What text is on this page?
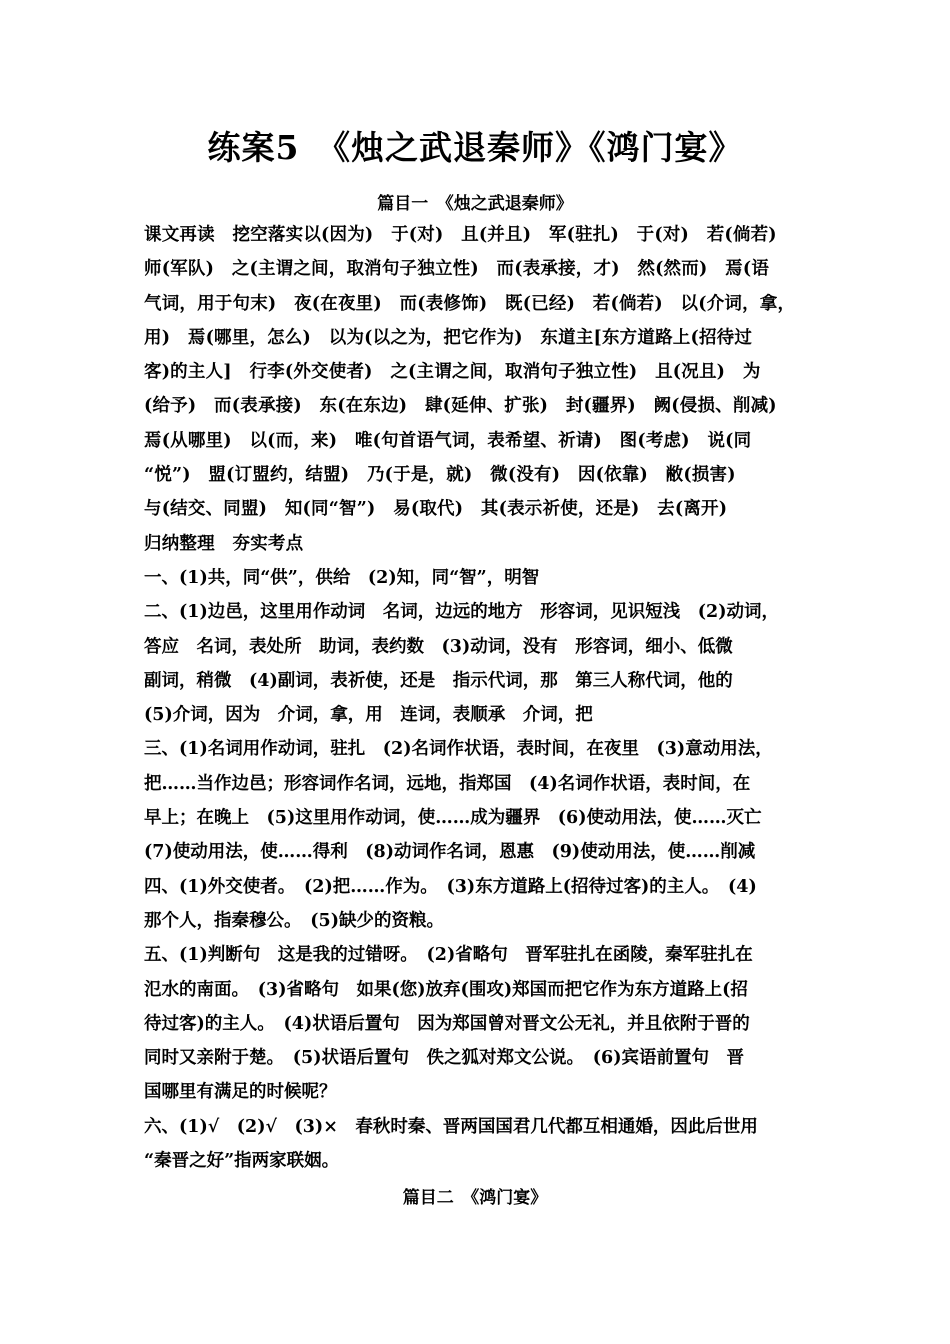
练案5　《烛之武退秦师》《鸿门宴》
篇目一　《烛之武退秦师》
课文再读　挖空落实以(因为)　于(对)　且(并且)　军(驻扎)　于(对)　若(倘若)
师(军队)　之(主谓之间，取消句子独立性)　而(表承接，才)　然(然而)　焉(语
气词，用于句末)　夜(在夜里)　而(表修饰)　既(已经)　若(倘若)　以(介词，拿，
用)　焉(哪里，怎么)　以为(以之为，把它作为)　东道主[东方道路上(招待过
客)的主人]　行李(外交使者)　之(主谓之间，取消句子独立性)　且(况且)　为
(给予)　而(表承接)　东(在东边)　肆(延伸、扩张)　封(疆界)　阙(侵损、削减)
焉(从哪里)　以(而，来)　唯(句首语气词，表希望、祈请)　图(考虑)　说(同
“悦”)　盟(订盟约，结盟)　乃(于是，就)　微(没有)　因(依靠)　敝(损害)
与(结交、同盟)　知(同“智”)　易(取代)　其(表示祈使，还是)　去(离开)
归纳整理　夯实考点
一、(1)共，同“供”，供给　(2)知，同“智”，明智
二、(1)边邑，这里用作动词　名词，边远的地方　形容词，见识短浅　(2)动词，
答应　名词，表处所　助词，表约数　(3)动词，没有　形容词，细小、低微
副词，稍微　(4)副词，表祈使，还是　指示代词，那　第三人称代词，他的
(5)介词，因为　介词，拿，用　连词，表顺承　介词，把
三、(1)名词用作动词，驻扎　(2)名词作状语，表时间，在夜里　(3)意动用法，
把……当作边邑；形容词作名词，远地，指郑国　(4)名词作状语，表时间，在
早上；在晚上　(5)这里用作动词，使……成为疆界　(6)使动用法，使……灭亡
(7)使动用法，使……得利　(8)动词作名词，恩惠　(9)使动用法，使……削减
四、(1)外交使者。　(2)把……作为。　(3)东方道路上(招待过客)的主人。　(4)
那个人，指秦穆公。　(5)缺少的资粮。
五、(1)判断句　这是我的过错呀。　(2)省略句　晋军驻扎在函陵，秦军驻扎在
氾水的南面。　(3)省略句　如果(您)放弃(围攻)郑国而把它作为东方道路上(招
待过客)的主人。　(4)状语后置句　因为郑国曾对晋文公无礼，并且依附于晋的
同时又亲附于楚。　(5)状语后置句　佚之狐对郑文公说。　(6)宾语前置句　晋
国哪里有满足的时候呢？
六、(1)√　(2)√　(3)×　春秋时秦、晋两国国君几代都互相通婚，因此后世用
“秦晋之好”指两家联姻。
篇目二　《鸿门宴》
